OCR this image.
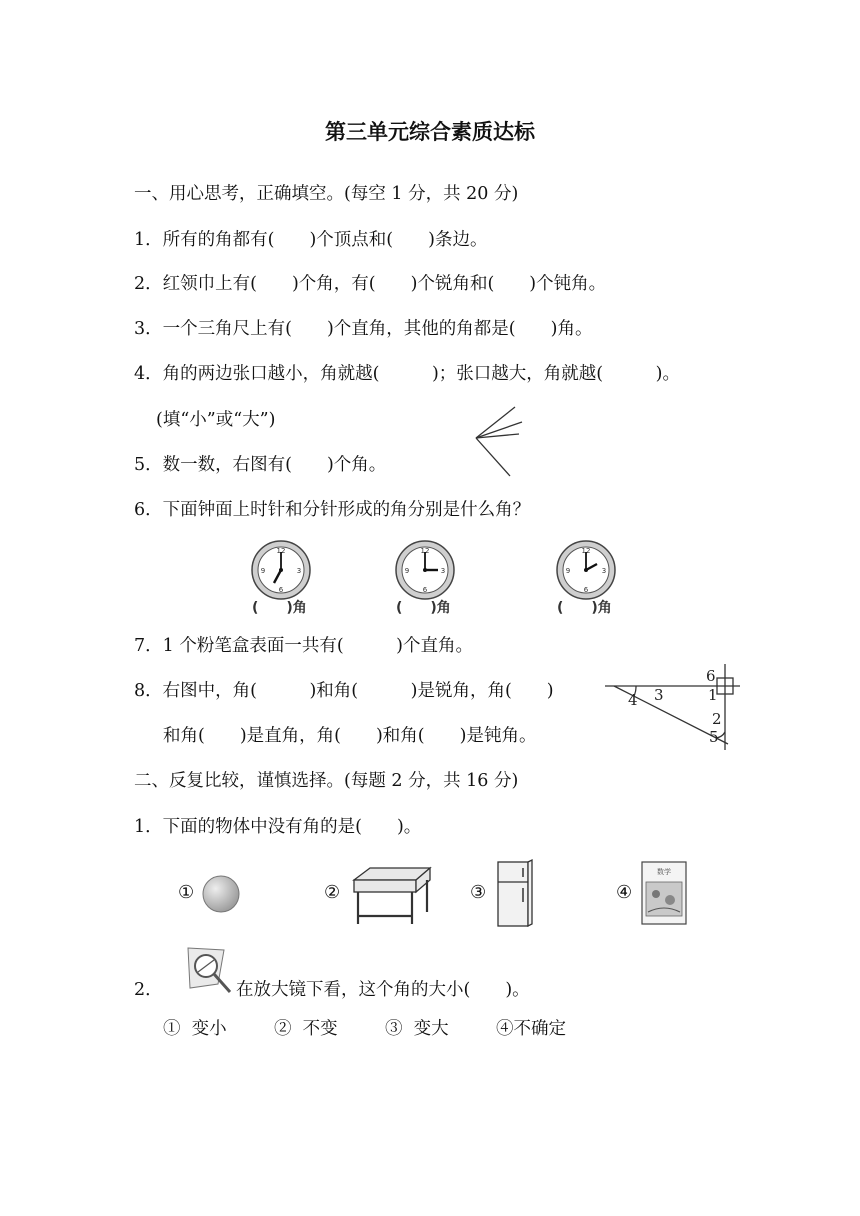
第三单元综合素质达标
一、用心思考，正确填空。(每空 1 分，共 20 分)
1．所有的角都有(　　)个顶点和(　　)条边。
2．红领巾上有(　　)个角，有(　　)个锐角和(　　)个钝角。
3．一个三角尺上有(　　)个直角，其他的角都是(　　)角。
4．角的两边张口越小，角就越(　　　)；张口越大，角就越(　　　)。
(填“小”或“大”)
5．数一数，右图有(　　)个角。
6．下面钟面上时针和分针形成的角分别是什么角？
12
3
6
9
(　　)角
12
3
6
9
(　　)角
12
3
6
9
(　　)角
7．1 个粉笔盒表面一共有(　　　)个直角。
8．右图中，角(　　　)和角(　　　)是锐角，角(　　)
和角(　　)是直角，角(　　)和角(　　)是钝角。
6
1
3
4
2
5
二、反复比较，谨慎选择。(每题 2 分，共 16 分)
1．下面的物体中没有角的是(　　)。
①	②	③	④
数学
2．	在放大镜下看，这个角的大小(　　)。
①  变小	②  不变	③  变大	④不确定
